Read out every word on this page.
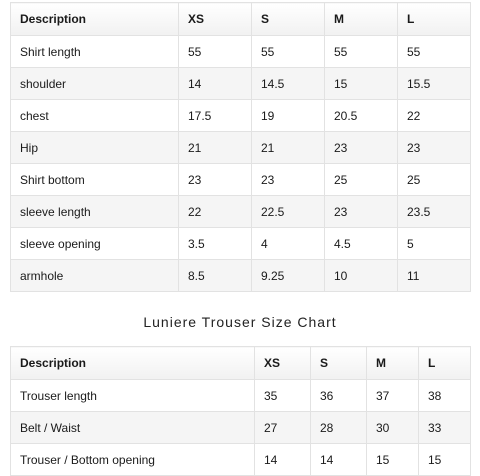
Description	XS	S	M	L
Shirt length	55	55	55	55
shoulder	14	14.5	15	15.5
chest	17.5	19	20.5	22
Hip	21	21	23	23
Shirt bottom	23	23	25	25
sleeve length	22	22.5	23	23.5
sleeve opening	3.5	4	4.5	5
armhole	8.5	9.25	10	11
Luniere Trouser Size Chart
Description	XS	S	M	L
Trouser length	35	36	37	38
Belt / Waist	27	28	30	33
Trouser / Bottom opening	14	14	15	15
